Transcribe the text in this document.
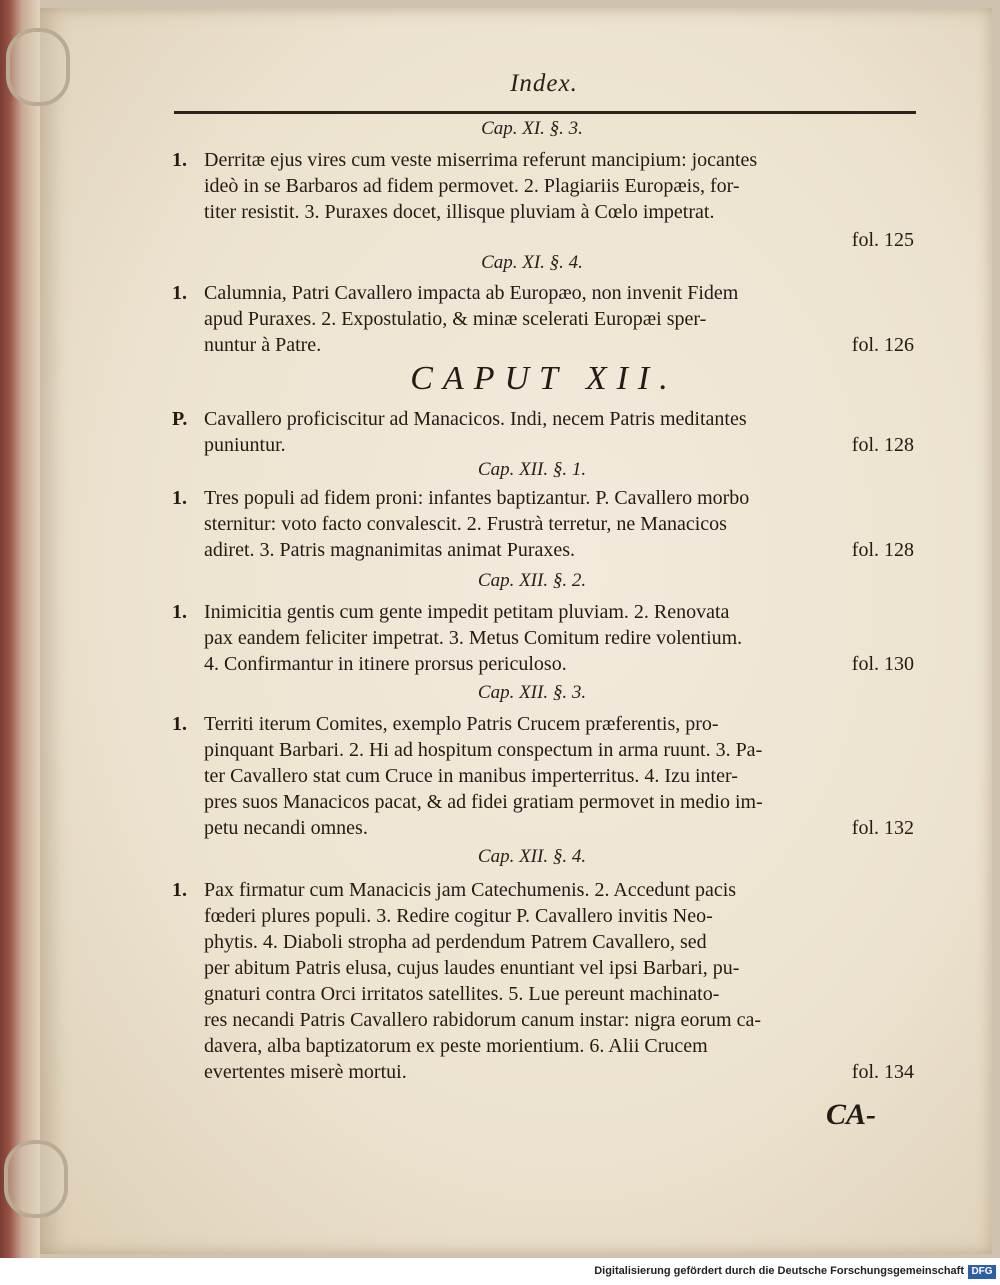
Index.
Cap. XI. §. 3.
1. Derritæ ejus vires cum veste miserrima referunt mancipium: jocantes
ideò in se Barbaros ad fidem permovet. 2. Plagiariis Europæis, for-
titer resistit. 3. Puraxes docet, illisque pluviam à Cœlo impetrat.
fol. 125
Cap. XI. §. 4.
1. Calumnia, Patri Cavallero impacta ab Europæo, non invenit Fidem
apud Puraxes. 2. Expostulatio, & minæ scelerati Europæi sper-
nuntur à Patre.	fol. 126
CAPUT XII.
P. Cavallero proficiscitur ad Manacicos. Indi, necem Patris meditantes
puniuntur.	fol. 128
Cap. XII. §. 1.
1. Tres populi ad fidem proni: infantes baptizantur. P. Cavallero morbo
sternitur: voto facto convalescit. 2. Frustrà terretur, ne Manacicos
adiret. 3. Patris magnanimitas animat Puraxes.	fol. 128
Cap. XII. §. 2.
1. Inimicitia gentis cum gente impedit petitam pluviam. 2. Renovata
pax eandem feliciter impetrat. 3. Metus Comitum redire volentium.
4. Confirmantur in itinere prorsus periculoso.	fol. 130
Cap. XII. §. 3.
1. Territi iterum Comites, exemplo Patris Crucem præferentis, pro-
pinquant Barbari. 2. Hi ad hospitum conspectum in arma ruunt. 3. Pa-
ter Cavallero stat cum Cruce in manibus imperterritus. 4. Izu inter-
pres suos Manacicos pacat, & ad fidei gratiam permovet in medio im-
petu necandi omnes.	fol. 132
Cap. XII. §. 4.
1. Pax firmatur cum Manacicis jam Catechumenis. 2. Accedunt pacis
fœderi plures populi. 3. Redire cogitur P. Cavallero invitis Neo-
phytis. 4. Diaboli stropha ad perdendum Patrem Cavallero, sed
per abitum Patris elusa, cujus laudes enuntiant vel ipsi Barbari, pu-
gnaturi contra Orci irritatos satellites. 5. Lue pereunt machinato-
res necandi Patris Cavallero rabidorum canum instar: nigra eorum ca-
davera, alba baptizatorum ex peste morientium. 6. Alii Crucem
evertentes miserè mortui.	fol. 134
CA-
Digitalisierung gefördert durch die Deutsche Forschungsgemeinschaft DFG
